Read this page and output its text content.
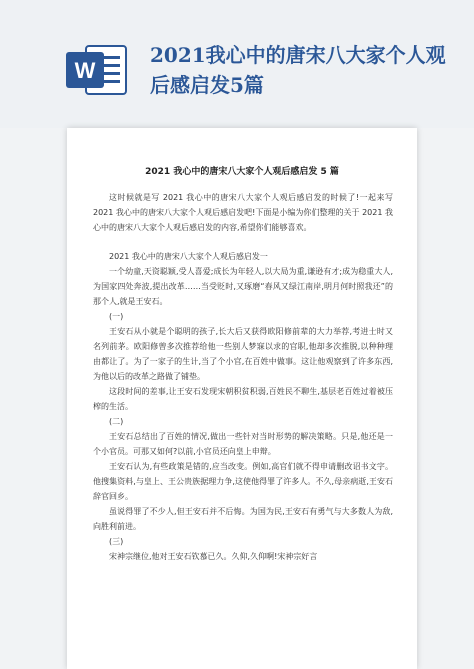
W
2021我心中的唐宋八大家个人观后感启发5篇
2021 我心中的唐宋八大家个人观后感启发 5 篇

这时候就是写 2021 我心中的唐宋八大家个人观后感启发的时候了!一起来写 2021 我心中的唐宋八大家个人观后感启发吧!下面是小编为你们整理的关于 2021 我心中的唐宋八大家个人观后感启发的内容,希望你们能够喜欢。

2021 我心中的唐宋八大家个人观后感启发一

一个幼童,天资聪颖,受人喜爱;成长为年轻人,以大局为重,谦逊有才;成为稳重大人,为国家四处奔波,提出改革……当受贬时,又琢磨“春风又绿江南岸,明月何时照我还”的那个人,就是王安石。

(一)

王安石从小就是个聪明的孩子,长大后又获得欧阳修前辈的大力举荐,考进士时又名列前茅。欧阳修曾多次推荐给他一些别人梦寐以求的官职,他却多次推脱,以种种理由都让了。为了一家子的生计,当了个小官,在百姓中做事。这让他观察到了许多东西,为他以后的改革之路做了铺垫。

这段时间的差事,让王安石发现宋朝积贫积弱,百姓民不聊生,基层老百姓过着被压榨的生活。

(二)

王安石总结出了百姓的情况,做出一些针对当时形势的解决策略。只是,他还是一个小官员。可那又如何?以前,小官员还向皇上申辩。

王安石认为,有些政策是错的,应当改变。例如,高官们就不得申请删改诏书文字。他搜集资料,与皇上、王公贵族据理力争,这使他得罪了许多人。不久,母亲病逝,王安石辞官回乡。

虽说得罪了不少人,但王安石并不后悔。为国为民,王安石有勇气与大多数人为敌,向胜利前进。

(三)

宋神宗继位,他对王安石钦慕已久。久仰,久仰啊!宋神宗好言
